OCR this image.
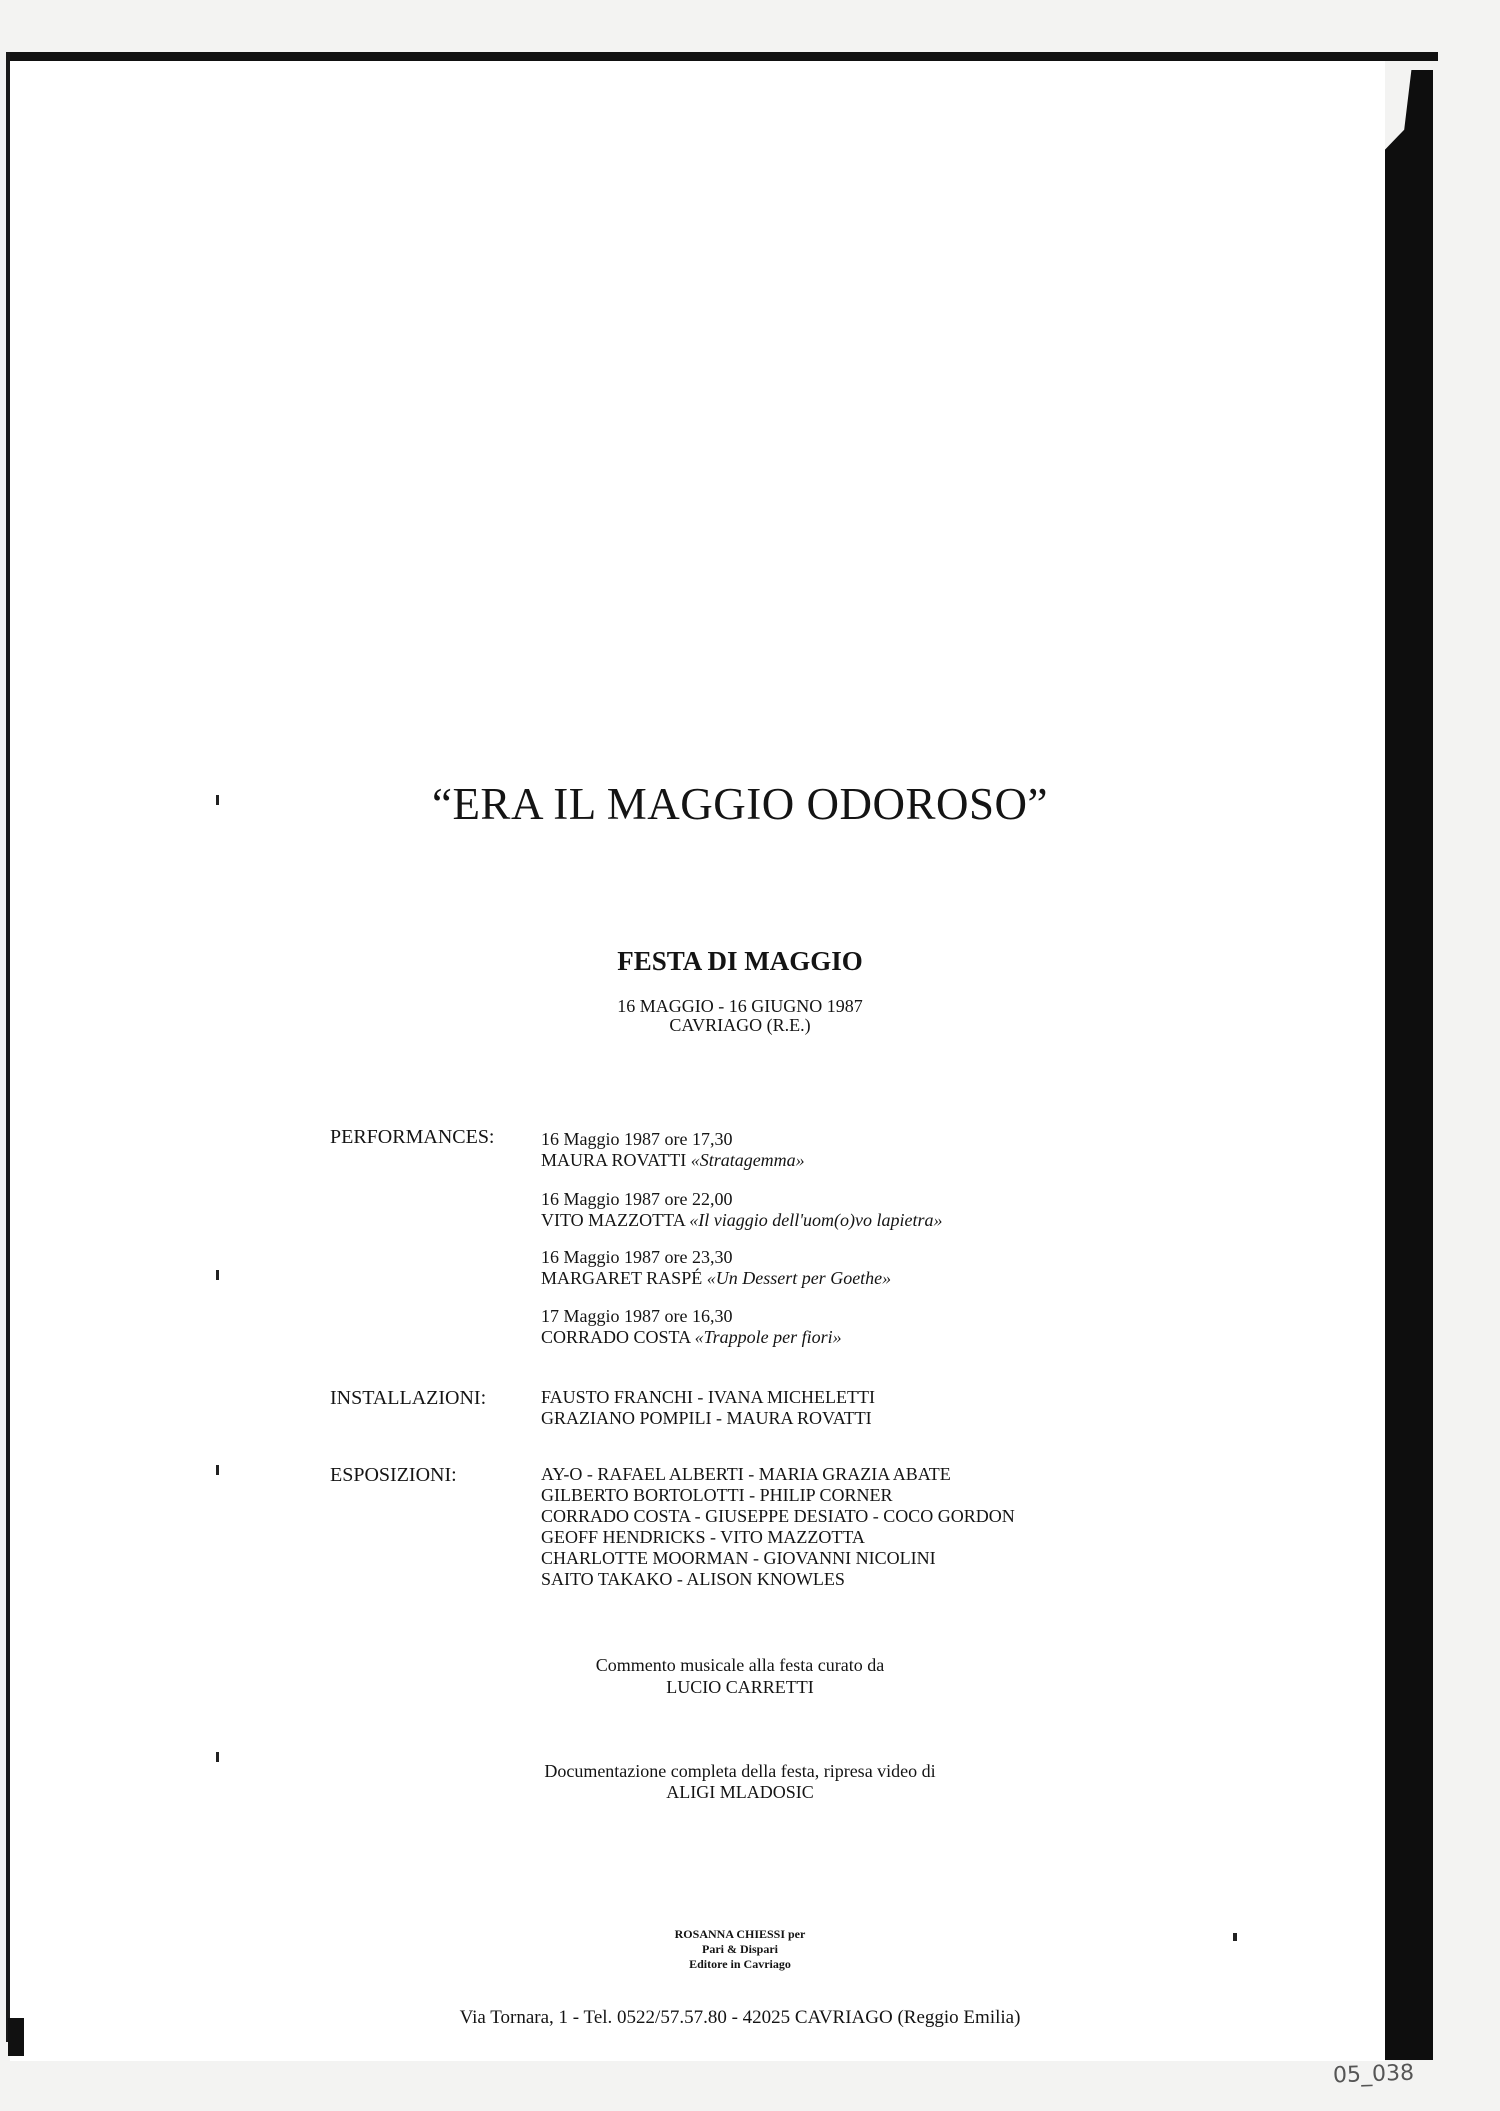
“ERA IL MAGGIO ODOROSO”
FESTA DI MAGGIO
16 MAGGIO - 16 GIUGNO 1987
CAVRIAGO (R.E.)
PERFORMANCES:	16 Maggio 1987 ore 17,30
MAURA ROVATTI «Stratagemma»
16 Maggio 1987 ore 22,00
VITO MAZZOTTA «Il viaggio dell'uom(o)vo lapietra»
16 Maggio 1987 ore 23,30
MARGARET RASPÉ «Un Dessert per Goethe»
17 Maggio 1987 ore 16,30
CORRADO COSTA «Trappole per fiori»
INSTALLAZIONI:	FAUSTO FRANCHI - IVANA MICHELETTI
GRAZIANO POMPILI - MAURA ROVATTI
ESPOSIZIONI:	AY-O - RAFAEL ALBERTI - MARIA GRAZIA ABATE
GILBERTO BORTOLOTTI - PHILIP CORNER
CORRADO COSTA - GIUSEPPE DESIATO - COCO GORDON
GEOFF HENDRICKS - VITO MAZZOTTA
CHARLOTTE MOORMAN - GIOVANNI NICOLINI
SAITO TAKAKO - ALISON KNOWLES
Commento musicale alla festa curato da
LUCIO CARRETTI
Documentazione completa della festa, ripresa video di
ALIGI MLADOSIC
ROSANNA CHIESSI per
Pari & Dispari
Editore in Cavriago
Via Tornara, 1 - Tel. 0522/57.57.80 - 42025 CAVRIAGO (Reggio Emilia)
05_038
